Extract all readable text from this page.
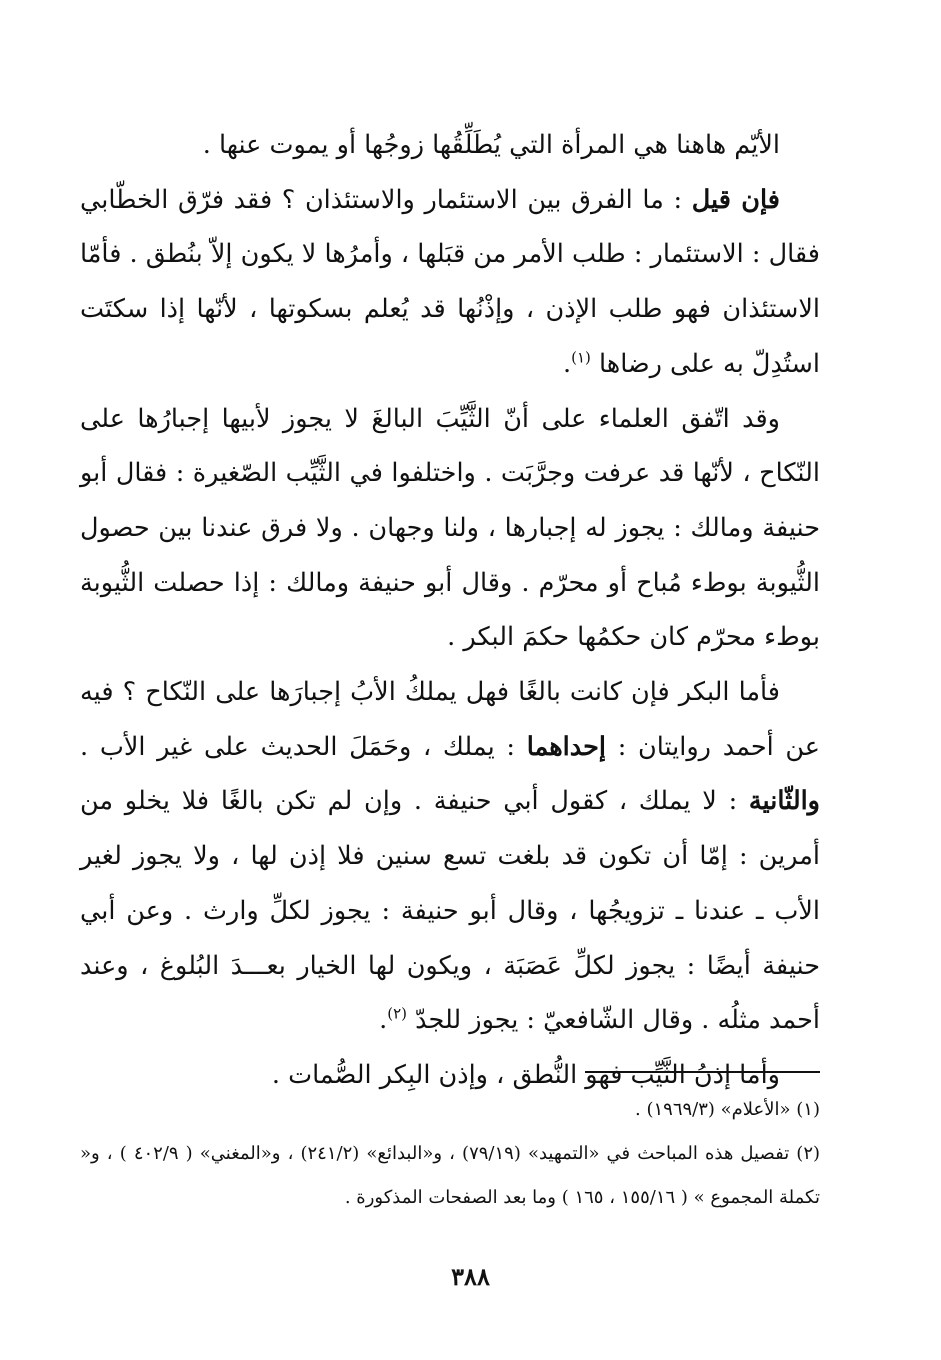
الأيّم هاهنا هي المرأة التي يُطَلِّقُها زوجُها أو يموت عنها .

فإن قيل : ما الفرق بين الاستئمار والاستئذان ؟ فقد فرّق الخطّابي فقال : الاستئمار : طلب الأمر من قبَلها ، وأمرُها لا يكون إلاّ بنُطق . فأمّا الاستئذان فهو طلب الإذن ، وإذْنُها قد يُعلم بسكوتها ، لأنّها إذا سكتَت استُدِلّ به على رضاها $^{(١)}$.

وقد اتّفق العلماء على أنّ الثَّيِّبَ البالغَ لا يجوز لأبيها إجبارُها على النّكاح ، لأنّها قد عرفت وجرَّبَت . واختلفوا في الثَّيِّب الصّغيرة : فقال أبو حنيفة ومالك : يجوز له إجبارها ، ولنا وجهان . ولا فرق عندنا بين حصول الثُّيوبة بوطء مُباح أو محرّم . وقال أبو حنيفة ومالك : إذا حصلت الثُّيوبة بوطء محرّم كان حكمُها حكمَ البكر .

فأما البكر فإن كانت بالغًا فهل يملكُ الأبُ إجبارَها على النّكاح ؟ فيه عن أحمد روايتان : إحداهما : يملك ، وحَمَلَ الحديث على غير الأب . والثّانية : لا يملك ، كقول أبي حنيفة . وإن لم تكن بالغًا فلا يخلو من أمرين : إمّا أن تكون قد بلغت تسع سنين فلا إذن لها ، ولا يجوز لغير الأب ـ عندنا ـ تزويجُها ، وقال أبو حنيفة : يجوز لكلِّ وارث . وعن أبي حنيفة أيضًا : يجوز لكلِّ عَصَبَة ، ويكون لها الخيار بعـــدَ البُلوغ ، وعند أحمد مثلُه . وقال الشّافعيّ : يجوز للجدّ $^{(٢)}$.

وأما إذنُ الثَّيِّب فهو النُّطق ، وإذن البِكر الصُّمات .

(١) «الأعلام» (١٩٦٩/٣) .

(٢) تفصيل هذه المباحث في «التمهيد» (٧٩/١٩) ، و«البدائع» (٢٤١/٢) ، و«المغني» ( ٤٠٢/٩ ) ، و« تكملة المجموع » ( ١٥٥/١٦ ، ١٦٥ ) وما بعد الصفحات المذكورة .

٣٨٨
